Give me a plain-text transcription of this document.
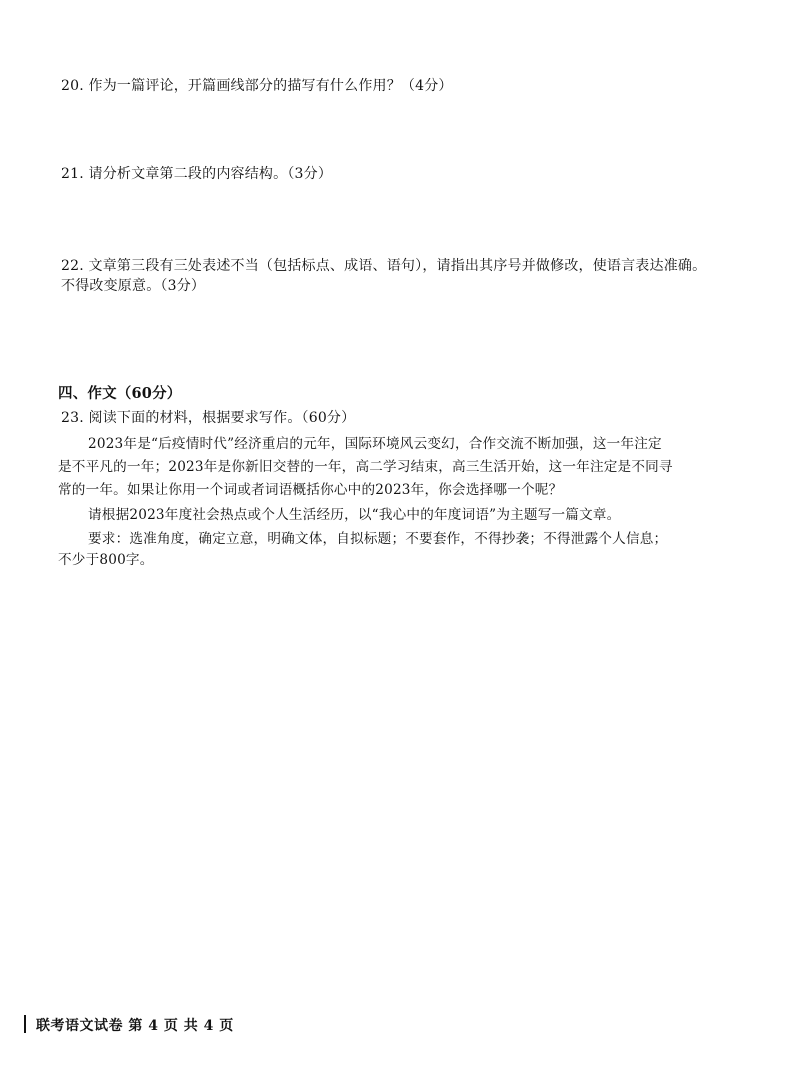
20. 作为一篇评论，开篇画线部分的描写有什么作用？（4分）
21. 请分析文章第二段的内容结构。（3分）
22. 文章第三段有三处表述不当（包括标点、成语、语句），请指出其序号并做修改，使语言表达准确。
不得改变原意。（3分）
四、作文（60分）
23. 阅读下面的材料，根据要求写作。（60分）
2023年是“后疫情时代”经济重启的元年，国际环境风云变幻，合作交流不断加强，这一年注定
是不平凡的一年；2023年是你新旧交替的一年，高二学习结束，高三生活开始，这一年注定是不同寻
常的一年。如果让你用一个词或者词语概括你心中的2023年，你会选择哪一个呢？
请根据2023年度社会热点或个人生活经历，以“我心中的年度词语”为主题写一篇文章。
要求：选准角度，确定立意，明确文体，自拟标题；不要套作，不得抄袭；不得泄露个人信息；
不少于800字。
联考语文试卷 第 4 页 共 4 页
